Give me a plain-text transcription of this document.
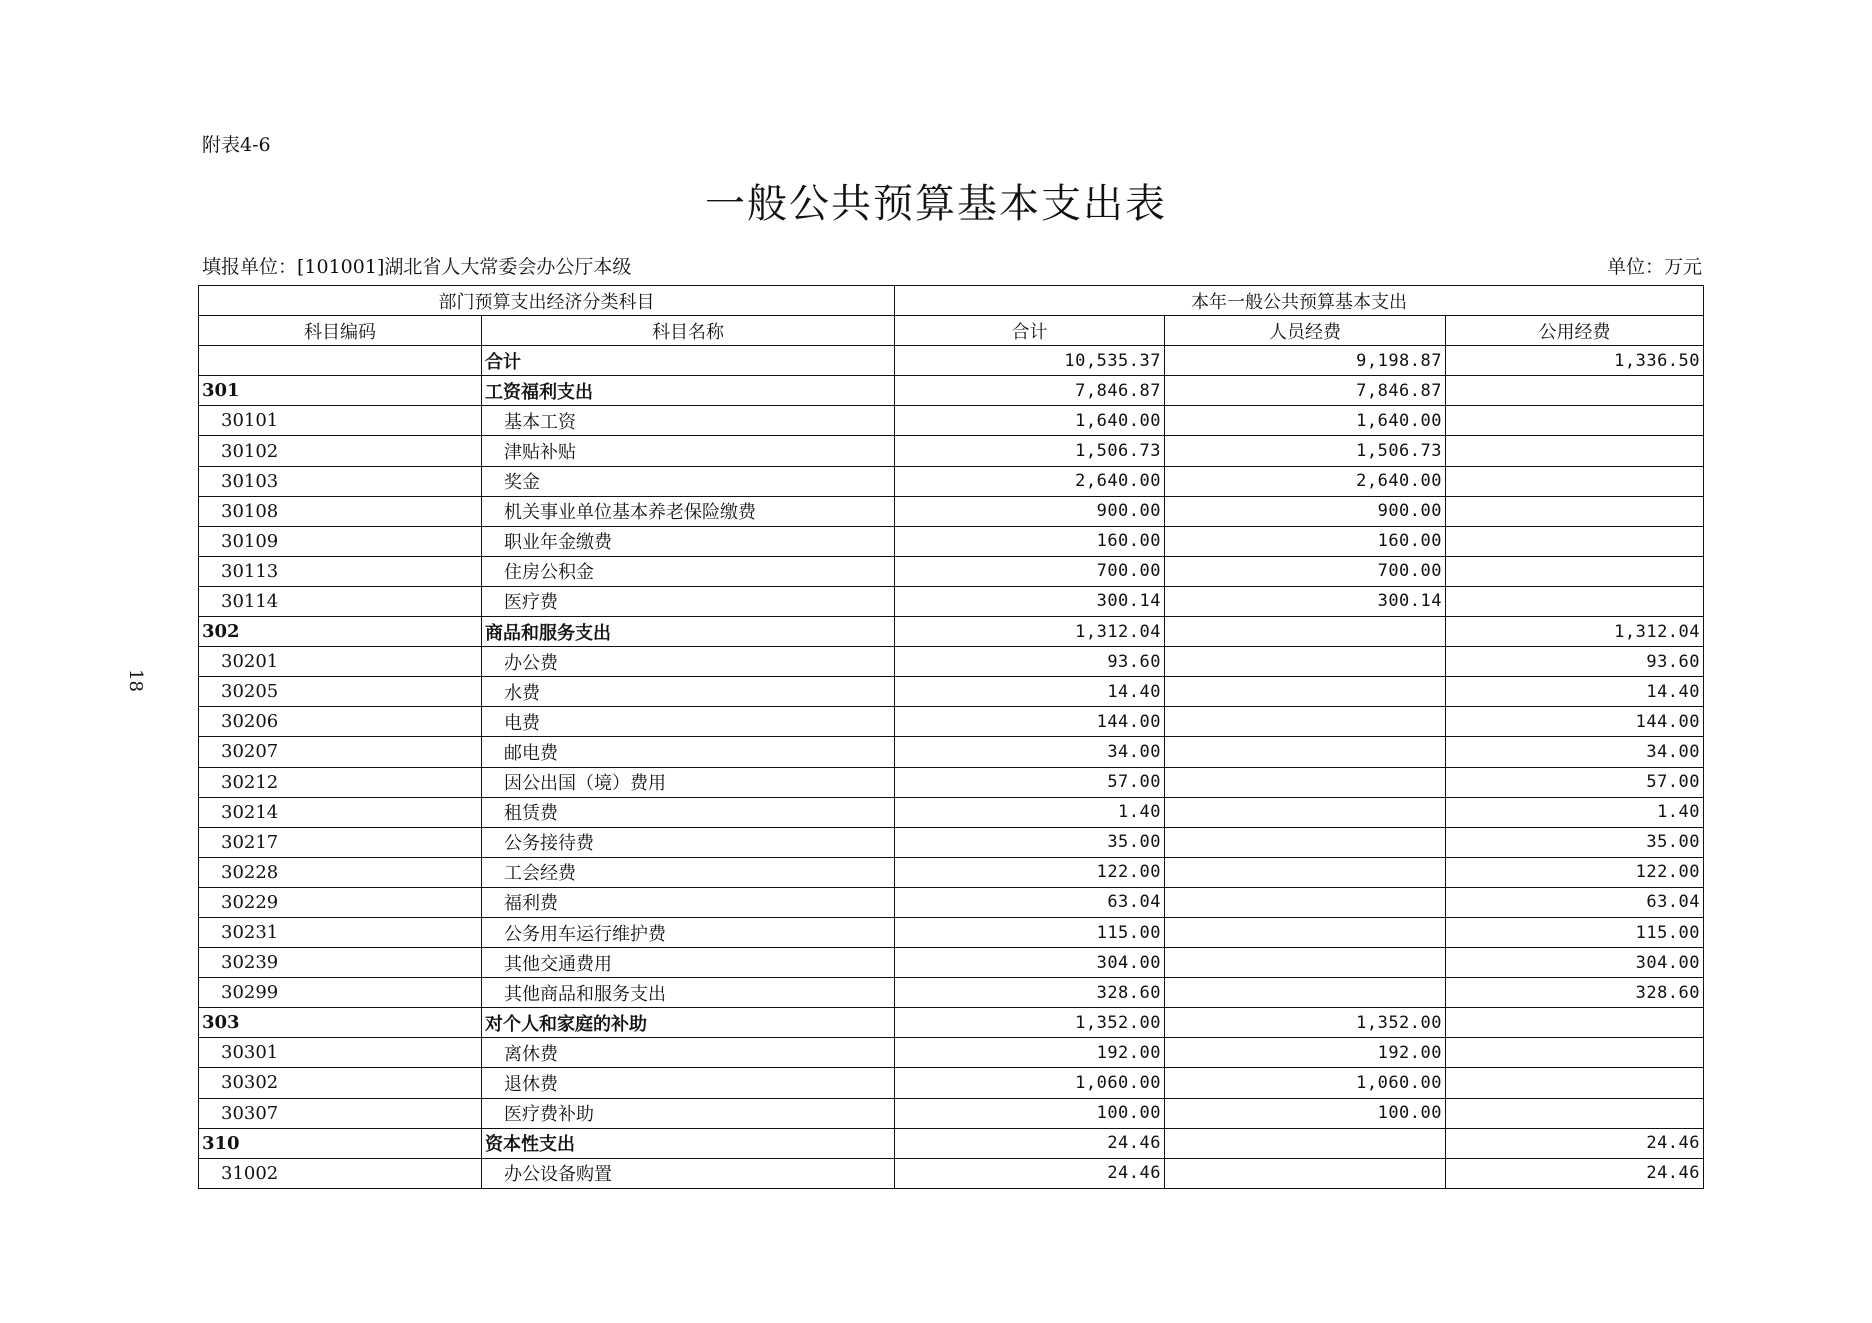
附表4-6
一般公共预算基本支出表
填报单位：[101001]湖北省人大常委会办公厅本级	单位：万元
18
部门预算支出经济分类科目		本年一般公共预算基本支出		
科目编码	科目名称	合计	人员经费	公用经费
	合计	10,535.37	9,198.87	1,336.50
301	工资福利支出	7,846.87	7,846.87	
30101	基本工资	1,640.00	1,640.00	
30102	津贴补贴	1,506.73	1,506.73	
30103	奖金	2,640.00	2,640.00	
30108	机关事业单位基本养老保险缴费	900.00	900.00	
30109	职业年金缴费	160.00	160.00	
30113	住房公积金	700.00	700.00	
30114	医疗费	300.14	300.14	
302	商品和服务支出	1,312.04		1,312.04
30201	办公费	93.60		93.60
30205	水费	14.40		14.40
30206	电费	144.00		144.00
30207	邮电费	34.00		34.00
30212	因公出国（境）费用	57.00		57.00
30214	租赁费	1.40		1.40
30217	公务接待费	35.00		35.00
30228	工会经费	122.00		122.00
30229	福利费	63.04		63.04
30231	公务用车运行维护费	115.00		115.00
30239	其他交通费用	304.00		304.00
30299	其他商品和服务支出	328.60		328.60
303	对个人和家庭的补助	1,352.00	1,352.00	
30301	离休费	192.00	192.00	
30302	退休费	1,060.00	1,060.00	
30307	医疗费补助	100.00	100.00	
310	资本性支出	24.46		24.46
31002	办公设备购置	24.46		24.46
